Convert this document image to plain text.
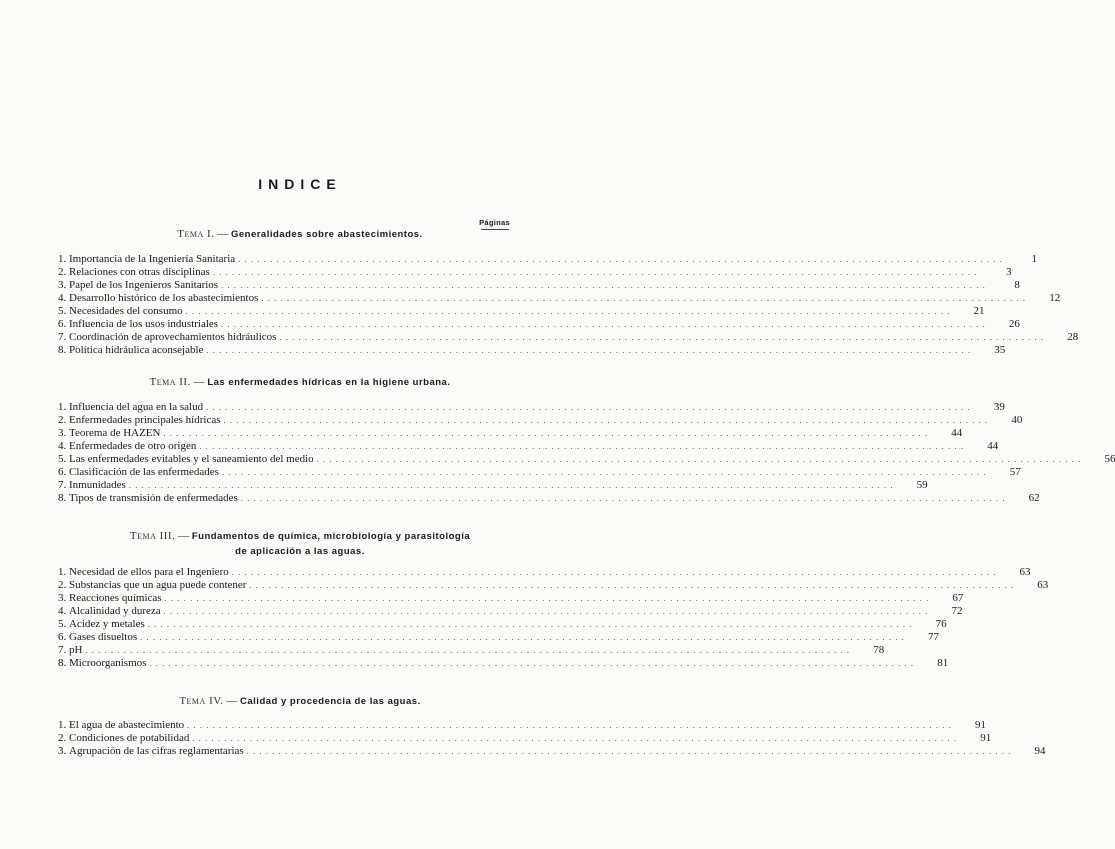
INDICE
Páginas
Tema I. — Generalidades sobre abastecimientos.
1. Importancia de la Ingeniería Sanitaria . . . . . . . . . . . . . . . . . . . . . . . . . . . . . . . . . . . . . . . . . . . . . . . . . . . . . . . . . . . . . . . . . . . . . . . . . . . . . . . . . . . . . . . . . . . . . . . . . . . . . . . . . . . . . . . . . . . . . . . .	1
2. Relaciones con otras disciplinas . . . . . . . . . . . . . . . . . . . . . . . . . . . . . . . . . . . . . . . . . . . . . . . . . . . . . . . . . . . . . . . . . . . . . . . . . . . . . . . . . . . . . . . . . . . . . . . . . . . . . . . . . . . . . . . . . . . . . . . .	3
3. Papel de los Ingenieros Sanitarios . . . . . . . . . . . . . . . . . . . . . . . . . . . . . . . . . . . . . . . . . . . . . . . . . . . . . . . . . . . . . . . . . . . . . . . . . . . . . . . . . . . . . . . . . . . . . . . . . . . . . . . . . . . . . . . . . . . . . . . .	8
4. Desarrollo histórico de los abastecimientos . . . . . . . . . . . . . . . . . . . . . . . . . . . . . . . . . . . . . . . . . . . . . . . . . . . . . . . . . . . . . . . . . . . . . . . . . . . . . . . . . . . . . . . . . . . . . . . . . . . . . . . . . . . . . . . . . . . . . . . .	12
5. Necesidades del consumo . . . . . . . . . . . . . . . . . . . . . . . . . . . . . . . . . . . . . . . . . . . . . . . . . . . . . . . . . . . . . . . . . . . . . . . . . . . . . . . . . . . . . . . . . . . . . . . . . . . . . . . . . . . . . . . . . . . . . . . .	21
6. Influencia de los usos industriales . . . . . . . . . . . . . . . . . . . . . . . . . . . . . . . . . . . . . . . . . . . . . . . . . . . . . . . . . . . . . . . . . . . . . . . . . . . . . . . . . . . . . . . . . . . . . . . . . . . . . . . . . . . . . . . . . . . . . . . .	26
7. Coordinación de aprovechamientos hidráulicos . . . . . . . . . . . . . . . . . . . . . . . . . . . . . . . . . . . . . . . . . . . . . . . . . . . . . . . . . . . . . . . . . . . . . . . . . . . . . . . . . . . . . . . . . . . . . . . . . . . . . . . . . . . . . . . . . . . . . . . .	28
8. Política hidráulica aconsejable . . . . . . . . . . . . . . . . . . . . . . . . . . . . . . . . . . . . . . . . . . . . . . . . . . . . . . . . . . . . . . . . . . . . . . . . . . . . . . . . . . . . . . . . . . . . . . . . . . . . . . . . . . . . . . . . . . . . . . . .	35
Tema II. — Las enfermedades hídricas en la higiene urbana.
1. Influencia del agua en la salud . . . . . . . . . . . . . . . . . . . . . . . . . . . . . . . . . . . . . . . . . . . . . . . . . . . . . . . . . . . . . . . . . . . . . . . . . . . . . . . . . . . . . . . . . . . . . . . . . . . . . . . . . . . . . . . . . . . . . . . .	39
2. Enfermedades principales hídricas . . . . . . . . . . . . . . . . . . . . . . . . . . . . . . . . . . . . . . . . . . . . . . . . . . . . . . . . . . . . . . . . . . . . . . . . . . . . . . . . . . . . . . . . . . . . . . . . . . . . . . . . . . . . . . . . . . . . . . . .	40
3. Teorema de HAZEN . . . . . . . . . . . . . . . . . . . . . . . . . . . . . . . . . . . . . . . . . . . . . . . . . . . . . . . . . . . . . . . . . . . . . . . . . . . . . . . . . . . . . . . . . . . . . . . . . . . . . . . . . . . . . . . . . . . . . . . .	44
4. Enfermedades de otro origen . . . . . . . . . . . . . . . . . . . . . . . . . . . . . . . . . . . . . . . . . . . . . . . . . . . . . . . . . . . . . . . . . . . . . . . . . . . . . . . . . . . . . . . . . . . . . . . . . . . . . . . . . . . . . . . . . . . . . . . .	44
5. Las enfermedades evitables y el saneamiento del medio . . . . . . . . . . . . . . . . . . . . . . . . . . . . . . . . . . . . . . . . . . . . . . . . . . . . . . . . . . . . . . . . . . . . . . . . . . . . . . . . . . . . . . . . . . . . . . . . . . . . . . . . . . . . . . . . . . . . . . . .	56
6. Clasificación de las enfermedades . . . . . . . . . . . . . . . . . . . . . . . . . . . . . . . . . . . . . . . . . . . . . . . . . . . . . . . . . . . . . . . . . . . . . . . . . . . . . . . . . . . . . . . . . . . . . . . . . . . . . . . . . . . . . . . . . . . . . . . .	57
7. Inmunidades . . . . . . . . . . . . . . . . . . . . . . . . . . . . . . . . . . . . . . . . . . . . . . . . . . . . . . . . . . . . . . . . . . . . . . . . . . . . . . . . . . . . . . . . . . . . . . . . . . . . . . . . . . . . . . . . . . . . . . . .	59
8. Tipos de transmisión de enfermedades . . . . . . . . . . . . . . . . . . . . . . . . . . . . . . . . . . . . . . . . . . . . . . . . . . . . . . . . . . . . . . . . . . . . . . . . . . . . . . . . . . . . . . . . . . . . . . . . . . . . . . . . . . . . . . . . . . . . . . . .	62
Tema III. — Fundamentos de química, microbiología y parasitología
de aplicación a las aguas.
1. Necesidad de ellos para el Ingeniero . . . . . . . . . . . . . . . . . . . . . . . . . . . . . . . . . . . . . . . . . . . . . . . . . . . . . . . . . . . . . . . . . . . . . . . . . . . . . . . . . . . . . . . . . . . . . . . . . . . . . . . . . . . . . . . . . . . . . . . .	63
2. Substancias que un agua puede contener . . . . . . . . . . . . . . . . . . . . . . . . . . . . . . . . . . . . . . . . . . . . . . . . . . . . . . . . . . . . . . . . . . . . . . . . . . . . . . . . . . . . . . . . . . . . . . . . . . . . . . . . . . . . . . . . . . . . . . . .	63
3. Reacciones químicas . . . . . . . . . . . . . . . . . . . . . . . . . . . . . . . . . . . . . . . . . . . . . . . . . . . . . . . . . . . . . . . . . . . . . . . . . . . . . . . . . . . . . . . . . . . . . . . . . . . . . . . . . . . . . . . . . . . . . . . .	67
4. Alcalinidad y dureza . . . . . . . . . . . . . . . . . . . . . . . . . . . . . . . . . . . . . . . . . . . . . . . . . . . . . . . . . . . . . . . . . . . . . . . . . . . . . . . . . . . . . . . . . . . . . . . . . . . . . . . . . . . . . . . . . . . . . . . .	72
5. Acidez y metales . . . . . . . . . . . . . . . . . . . . . . . . . . . . . . . . . . . . . . . . . . . . . . . . . . . . . . . . . . . . . . . . . . . . . . . . . . . . . . . . . . . . . . . . . . . . . . . . . . . . . . . . . . . . . . . . . . . . . . . .	76
6. Gases disueltos . . . . . . . . . . . . . . . . . . . . . . . . . . . . . . . . . . . . . . . . . . . . . . . . . . . . . . . . . . . . . . . . . . . . . . . . . . . . . . . . . . . . . . . . . . . . . . . . . . . . . . . . . . . . . . . . . . . . . . . .	77
7. pH . . . . . . . . . . . . . . . . . . . . . . . . . . . . . . . . . . . . . . . . . . . . . . . . . . . . . . . . . . . . . . . . . . . . . . . . . . . . . . . . . . . . . . . . . . . . . . . . . . . . . . . . . . . . . . . . . . . . . . . .	78
8. Microorganismos . . . . . . . . . . . . . . . . . . . . . . . . . . . . . . . . . . . . . . . . . . . . . . . . . . . . . . . . . . . . . . . . . . . . . . . . . . . . . . . . . . . . . . . . . . . . . . . . . . . . . . . . . . . . . . . . . . . . . . . .	81
Tema IV. — Calidad y procedencia de las aguas.
1. El agua de abastecimiento . . . . . . . . . . . . . . . . . . . . . . . . . . . . . . . . . . . . . . . . . . . . . . . . . . . . . . . . . . . . . . . . . . . . . . . . . . . . . . . . . . . . . . . . . . . . . . . . . . . . . . . . . . . . . . . . . . . . . . . .	91
2. Condiciones de potabilidad . . . . . . . . . . . . . . . . . . . . . . . . . . . . . . . . . . . . . . . . . . . . . . . . . . . . . . . . . . . . . . . . . . . . . . . . . . . . . . . . . . . . . . . . . . . . . . . . . . . . . . . . . . . . . . . . . . . . . . . .	91
3. Agrupación de las cifras reglamentarias . . . . . . . . . . . . . . . . . . . . . . . . . . . . . . . . . . . . . . . . . . . . . . . . . . . . . . . . . . . . . . . . . . . . . . . . . . . . . . . . . . . . . . . . . . . . . . . . . . . . . . . . . . . . . . . . . . . . . . . .	94
